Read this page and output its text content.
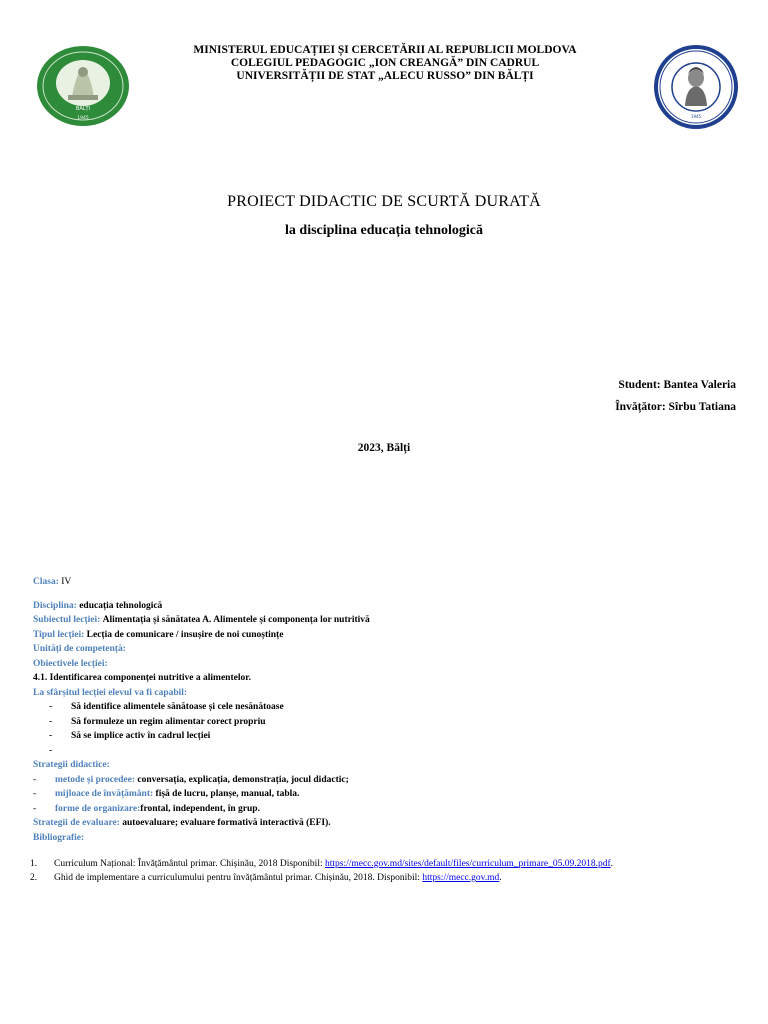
BĂLȚI
1945
MINISTERUL EDUCAȚIEI ȘI CERCETĂRII AL REPUBLICII MOLDOVA
COLEGIUL PEDAGOGIC „ION CREANGĂ” DIN CADRUL
UNIVERSITĂȚII DE STAT „ALECU RUSSO” DIN BĂLȚI
1945
PROIECT DIDACTIC DE SCURTĂ DURATĂ
la disciplina educația tehnologică
Student: Bantea Valeria
Învățător: Sîrbu Tatiana
2023, Bălți
Clasa: IV
Disciplina: educația tehnologică
Subiectul lecției: Alimentația și sănătatea A. Alimentele și componența lor nutritivă
Tipul lecției: Lecția de comunicare / insușire de noi cunoștințe
Unități de competență:
Obiectivele lecției:
4.1. Identificarea componenței nutritive a alimentelor.
La sfârșitul lecției elevul va fi capabil:
- Să identifice alimentele sănătoase și cele nesănătoase
- Să formuleze un regim alimentar corect propriu
- Să se implice activ în cadrul lecției
-

Strategii didactice:
- metode și procedee: conversația, explicația, demonstrația, jocul didactic;
- mijloace de învățământ: fișă de lucru, planșe, manual, tabla.
- forme de organizare:frontal, independent, în grup.
Strategii de evaluare: autoevaluare; evaluare formativă interactivă (EFI).
Bibliografie:
1. Curriculum Național: Învățământul primar. Chișinău, 2018 Disponibil: https://mecc.gov.md/sites/default/files/curriculum_primare_05.09.2018.pdf.
2. Ghid de implementare a curriculumului pentru învățământul primar. Chișinău, 2018. Disponibil: https://mecc.gov.md.
